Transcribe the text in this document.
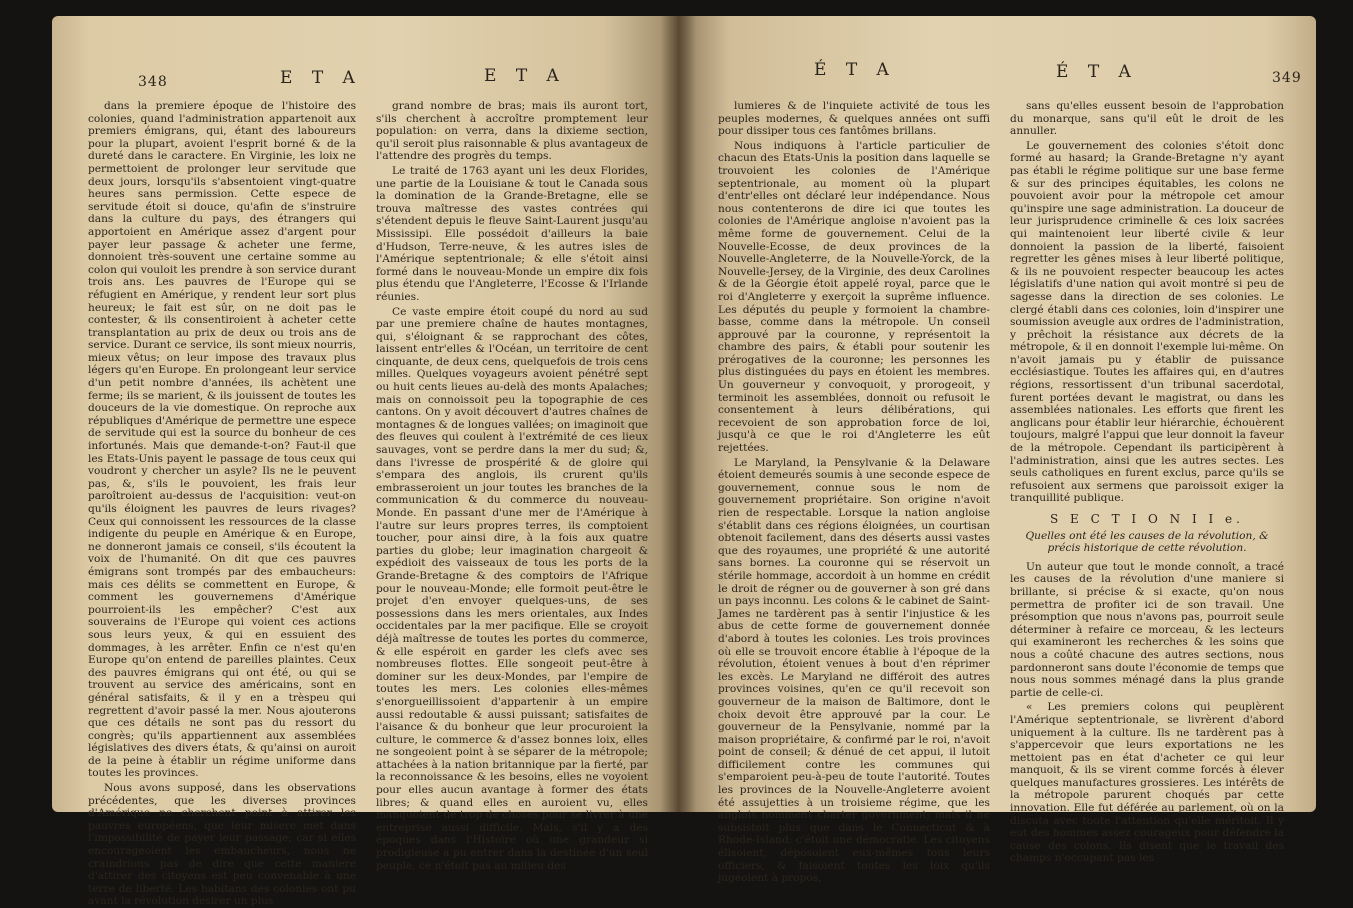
348	E T A	E T A

dans la premiere époque de l'histoire des colonies, quand l'administration appartenoit aux premiers émigrans, qui, étant des laboureurs pour la plupart, avoient l'esprit borné & de la dureté dans le caractere. En Virginie, les loix ne permettoient de prolonger leur servitude que deux jours, lorsqu'ils s'absentoient vingt-quatre heures sans permission. Cette espece de servitude étoit si douce, qu'afin de s'instruire dans la culture du pays, des étrangers qui apportoient en Amérique assez d'argent pour payer leur passage & acheter une ferme, donnoient très-souvent une certaine somme au colon qui vouloit les prendre à son service durant trois ans. Les pauvres de l'Europe qui se réfugient en Amérique, y rendent leur sort plus heureux; le fait est sûr, on ne doit pas le contester, & ils consentiroient à acheter cette transplantation au prix de deux ou trois ans de service. Durant ce service, ils sont mieux nourris, mieux vêtus; on leur impose des travaux plus légers qu'en Europe. En prolongeant leur service d'un petit nombre d'années, ils achètent une ferme; ils se marient, & ils jouissent de toutes les douceurs de la vie domestique. On reproche aux républiques d'Amérique de permettre une espece de servitude qui est la source du bonheur de ces infortunés. Mais que demande-t-on? Faut-il que les Etats-Unis payent le passage de tous ceux qui voudront y chercher un asyle? Ils ne le peuvent pas, &, s'ils le pouvoient, les frais leur paroîtroient au-dessus de l'acquisition: veut-on qu'ils éloignent les pauvres de leurs rivages? Ceux qui connoissent les ressources de la classe indigente du peuple en Amérique & en Europe, ne donneront jamais ce conseil, s'ils écoutent la voix de l'humanité. On dit que ces pauvres émigrans sont trompés par des embaucheurs: mais ces délits se commettent en Europe, & comment les gouvernemens d'Amérique pourroient-ils les empêcher? C'est aux souverains de l'Europe qui voient ces actions sous leurs yeux, & qui en essuient des dommages, à les arrêter. Enfin ce n'est qu'en Europe qu'on entend de pareilles plaintes. Ceux des pauvres émigrans qui ont été, ou qui se trouvent au service des américains, sont en général satisfaits, & il y en a trèspeu qui regrettent d'avoir passé la mer. Nous ajouterons que ces détails ne sont pas du ressort du congrès; qu'ils appartiennent aux assemblées législatives des divers états, & qu'ainsi on auroit de la peine à établir un régime uniforme dans toutes les provinces.

Nous avons supposé, dans les observations précédentes, que les diverses provinces d'Amérique ne cherchent point à attirer les pauvres européens, que leur misere met dans l'impossibilité de payer leur passage; car si elles encourageoient les embaucheurs, nous ne craindrions pas de dire que cette maniere d'attirer des citoyens est peu convenable à une terre de liberté. Les habitans des colonies ont pu avant la révolution desirer un plus

grand nombre de bras; mais ils auront tort, s'ils cherchent à accroître promptement leur population: on verra, dans la dixieme section, qu'il seroit plus raisonnable & plus avantageux de l'attendre des progrès du temps.

Le traité de 1763 ayant uni les deux Florides, une partie de la Louisiane & tout le Canada sous la domination de la Grande-Bretagne, elle se trouva maîtresse des vastes contrées qui s'étendent depuis le fleuve Saint-Laurent jusqu'au Mississipi. Elle possédoit d'ailleurs la baie d'Hudson, Terre-neuve, & les autres isles de l'Amérique septentrionale; & elle s'étoit ainsi formé dans le nouveau-Monde un empire dix fois plus étendu que l'Angleterre, l'Ecosse & l'Irlande réunies.

Ce vaste empire étoit coupé du nord au sud par une premiere chaîne de hautes montagnes, qui, s'éloignant & se rapprochant des côtes, laissent entr'elles & l'Océan, un territoire de cent cinquante, de deux cens, quelquefois de trois cens milles. Quelques voyageurs avoient pénétré sept ou huit cents lieues au-delà des monts Apalaches; mais on connoissoit peu la topographie de ces cantons. On y avoit découvert d'autres chaînes de montagnes & de longues vallées; on imaginoit que des fleuves qui coulent à l'extrémité de ces lieux sauvages, vont se perdre dans la mer du sud; &, dans l'ivresse de prospérité & de gloire qui s'empara des anglois, ils crurent qu'ils embrasseroient un jour toutes les branches de la communication & du commerce du nouveau-Monde. En passant d'une mer de l'Amérique à l'autre sur leurs propres terres, ils comptoient toucher, pour ainsi dire, à la fois aux quatre parties du globe; leur imagination chargeoit & expédioit des vaisseaux de tous les ports de la Grande-Bretagne & des comptoirs de l'Afrique pour le nouveau-Monde; elle formoit peut-être le projet d'en envoyer quelques-uns, de ses possessions dans les mers orientales, aux Indes occidentales par la mer pacifique. Elle se croyoit déjà maîtresse de toutes les portes du commerce, & elle espéroit en garder les clefs avec ses nombreuses flottes. Elle songeoit peut-être à dominer sur les deux-Mondes, par l'empire de toutes les mers. Les colonies elles-mêmes s'enorgueillissoient d'appartenir à un empire aussi redoutable & aussi puissant; satisfaites de l'aisance & du bonheur que leur procuroient la culture, le commerce & d'assez bonnes loix, elles ne songeoient point à se séparer de la métropole; attachées à la nation britannique par la fierté, par la reconnoissance & les besoins, elles ne voyoient pour elles aucun avantage à former des états libres; & quand elles en auroient vu, elles manquoient de trop de choses pour se livrer à une entreprise aussi difficile. Mais, s'il y a des époques dans l'Histoire où une grandeur si prodigieuse a pu entrer dans la destinée d'un seul peuple, ce n'étoit pas au milieu des

É T A	É T A	349

lumieres & de l'inquiete activité de tous les peuples modernes, & quelques années ont suffi pour dissiper tous ces fantômes brillans.

Nous indiquons à l'article particulier de chacun des Etats-Unis la position dans laquelle se trouvoient les colonies de l'Amérique septentrionale, au moment où la plupart d'entr'elles ont déclaré leur indépendance. Nous nous contenterons de dire ici que toutes les colonies de l'Amérique angloise n'avoient pas la même forme de gouvernement. Celui de la Nouvelle-Ecosse, de deux provinces de la Nouvelle-Angleterre, de la Nouvelle-Yorck, de la Nouvelle-Jersey, de la Virginie, des deux Carolines & de la Géorgie étoit appelé royal, parce que le roi d'Angleterre y exerçoit la suprême influence. Les députés du peuple y formoient la chambre-basse, comme dans la métropole. Un conseil approuvé par la couronne, y représentoit la chambre des pairs, & établi pour soutenir les prérogatives de la couronne; les personnes les plus distinguées du pays en étoient les membres. Un gouverneur y convoquoit, y prorogeoit, y terminoit les assemblées, donnoit ou refusoit le consentement à leurs délibérations, qui recevoient de son approbation force de loi, jusqu'à ce que le roi d'Angleterre les eût rejettées.

Le Maryland, la Pensylvanie & la Delaware étoient demeurés soumis à une seconde espece de gouvernement, connue sous le nom de gouvernement propriétaire. Son origine n'avoit rien de respectable. Lorsque la nation angloise s'établit dans ces régions éloignées, un courtisan obtenoit facilement, dans des déserts aussi vastes que des royaumes, une propriété & une autorité sans bornes. La couronne qui se réservoit un stérile hommage, accordoit à un homme en crédit le droit de régner ou de gouverner à son gré dans un pays inconnu. Les colons & le cabinet de Saint-James ne tardèrent pas à sentir l'injustice & les abus de cette forme de gouvernement donnée d'abord à toutes les colonies. Les trois provinces où elle se trouvoit encore établie à l'époque de la révolution, étoient venues à bout d'en réprimer les excès. Le Maryland ne différoit des autres provinces voisines, qu'en ce qu'il recevoit son gouverneur de la maison de Baltimore, dont le choix devoit être approuvé par la cour. Le gouverneur de la Pensylvanie, nommé par la maison propriétaire, & confirmé par le roi, n'avoit point de conseil; & dénué de cet appui, il lutoit difficilement contre les communes qui s'emparoient peu-à-peu de toute l'autorité. Toutes les provinces de la Nouvelle-Angleterre avoient été assujetties à un troisieme régime, que les anglois nomment charter government; mais il ne subsistoit plus que dans le Connecticut & à Rhode-Island: c'étoit une démocratie. Les citoyens élisoient, déposoient eux-mêmes tous leurs officiers, & faisoient toutes les loix qu'ils jugeoient à propos,

sans qu'elles eussent besoin de l'approbation du monarque, sans qu'il eût le droit de les annuller.

Le gouvernement des colonies s'étoit donc formé au hasard; la Grande-Bretagne n'y ayant pas établi le régime politique sur une base ferme & sur des principes équitables, les colons ne pouvoient avoir pour la métropole cet amour qu'inspire une sage administration. La douceur de leur jurisprudence criminelle & ces loix sacrées qui maintenoient leur liberté civile & leur donnoient la passion de la liberté, faisoient regretter les gênes mises à leur liberté politique, & ils ne pouvoient respecter beaucoup les actes législatifs d'une nation qui avoit montré si peu de sagesse dans la direction de ses colonies. Le clergé établi dans ces colonies, loin d'inspirer une soumission aveugle aux ordres de l'administration, y prêchoit la résistance aux décrets de la métropole, & il en donnoit l'exemple lui-même. On n'avoit jamais pu y établir de puissance ecclésiastique. Toutes les affaires qui, en d'autres régions, ressortissent d'un tribunal sacerdotal, furent portées devant le magistrat, ou dans les assemblées nationales. Les efforts que firent les anglicans pour établir leur hiérarchie, échouèrent toujours, malgré l'appui que leur donnoit la faveur de la métropole. Cependant ils participèrent à l'administration, ainsi que les autres sectes. Les seuls catholiques en furent exclus, parce qu'ils se refusoient aux sermens que paroissoit exiger la tranquillité publique.

S E C T I O N I I e.

Quelles ont été les causes de la révolution, & précis historique de cette révolution.

Un auteur que tout le monde connoît, a tracé les causes de la révolution d'une maniere si brillante, si précise & si exacte, qu'on nous permettra de profiter ici de son travail. Une présomption que nous n'avons pas, pourroit seule déterminer à refaire ce morceau, & les lecteurs qui examineront les recherches & les soins que nous a coûté chacune des autres sections, nous pardonneront sans doute l'économie de temps que nous nous sommes ménagé dans la plus grande partie de celle-ci.

« Les premiers colons qui peuplèrent l'Amérique septentrionale, se livrèrent d'abord uniquement à la culture. Ils ne tardèrent pas à s'appercevoir que leurs exportations ne les mettoient pas en état d'acheter ce qui leur manquoit, & ils se virent comme forcés à élever quelques manufactures grossieres. Les intérêts de la métropole parurent choqués par cette innovation. Elle fut déférée au parlement, où on la discuta avec toute l'attention qu'elle méritoit. Il y eut des hommes assez courageux pour défendre la cause des colons. Ils disent que le travail des champs n'occupant pas les
